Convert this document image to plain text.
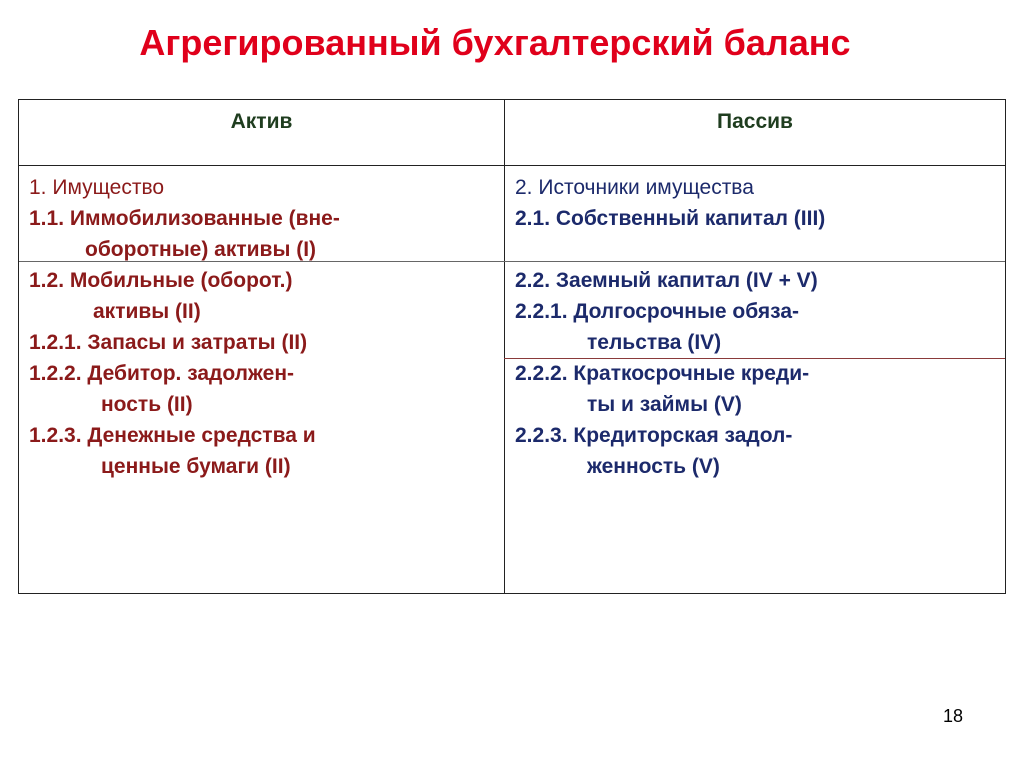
Агрегированный бухгалтерский баланс
Актив	Пассив
1. Имущество
1.1. Иммобилизованные (вне-
оборотные) активы (I)
1.2. Мобильные (оборот.)
активы (II)
1.2.1. Запасы и затраты (II)
1.2.2. Дебитор. задолжен-
ность (II)
1.2.3. Денежные средства и
ценные бумаги (II)
2. Источники имущества
2.1. Собственный капитал (III)
2.2. Заемный капитал (IV + V)
2.2.1. Долгосрочные обяза-
тельства (IV)
2.2.2. Краткосрочные креди-
ты и займы (V)
2.2.3. Кредиторская задол-
женность (V)
18
